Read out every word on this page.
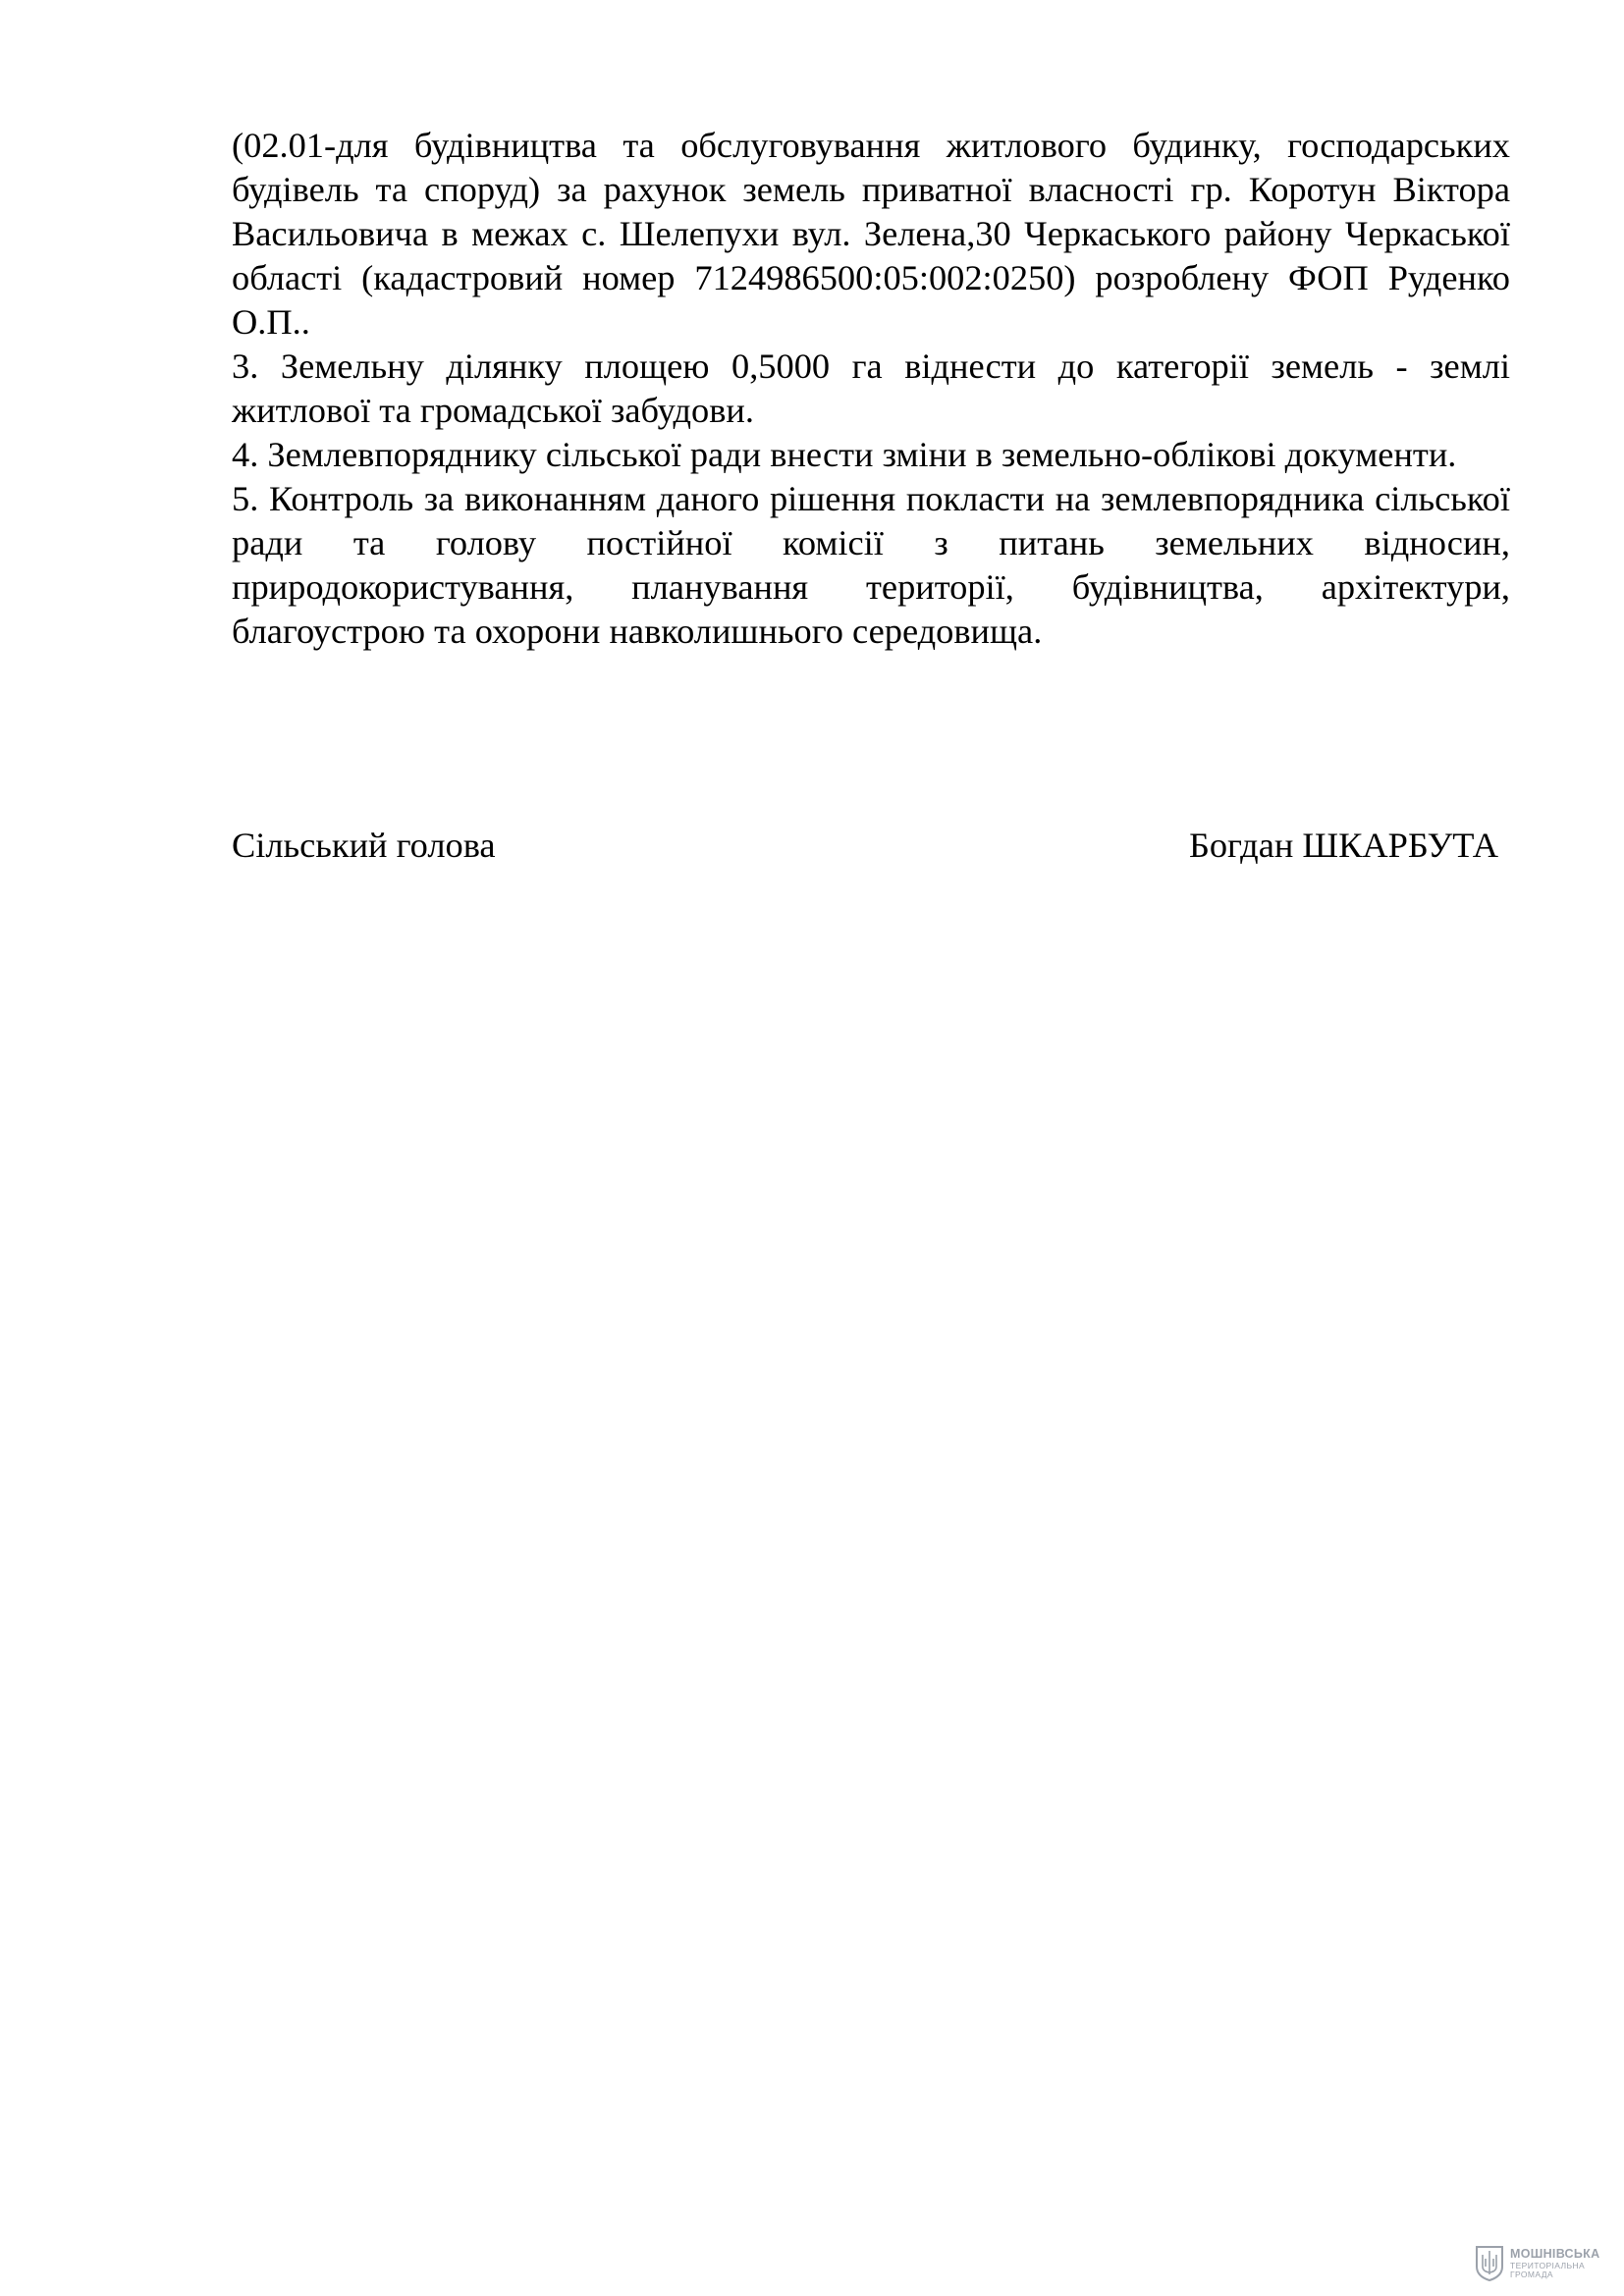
(02.01-для будівництва та обслуговування житлового будинку, господарських будівель та споруд) за рахунок земель приватної власності гр. Коротун Віктора Васильовича в межах с. Шелепухи вул. Зелена,30 Черкаського району Черкаської області (кадастровий номер 7124986500:05:002:0250) розроблену ФОП Руденко О.П..

3. Земельну ділянку площею 0,5000 га віднести до категорії земель - землі житлової та громадської забудови.

4. Землевпоряднику сільської ради внести зміни в земельно-облікові документи.

5. Контроль за виконанням даного рішення покласти на землевпорядника сільської ради та голову постійної комісії з питань земельних відносин, природокористування, планування території, будівництва, архітектури, благоустрою та охорони навколишнього середовища.

Сільський голова	Богдан ШКАРБУТА
МОШНІВСЬКА
ТЕРИТОРІАЛЬНА
ГРОМАДА
